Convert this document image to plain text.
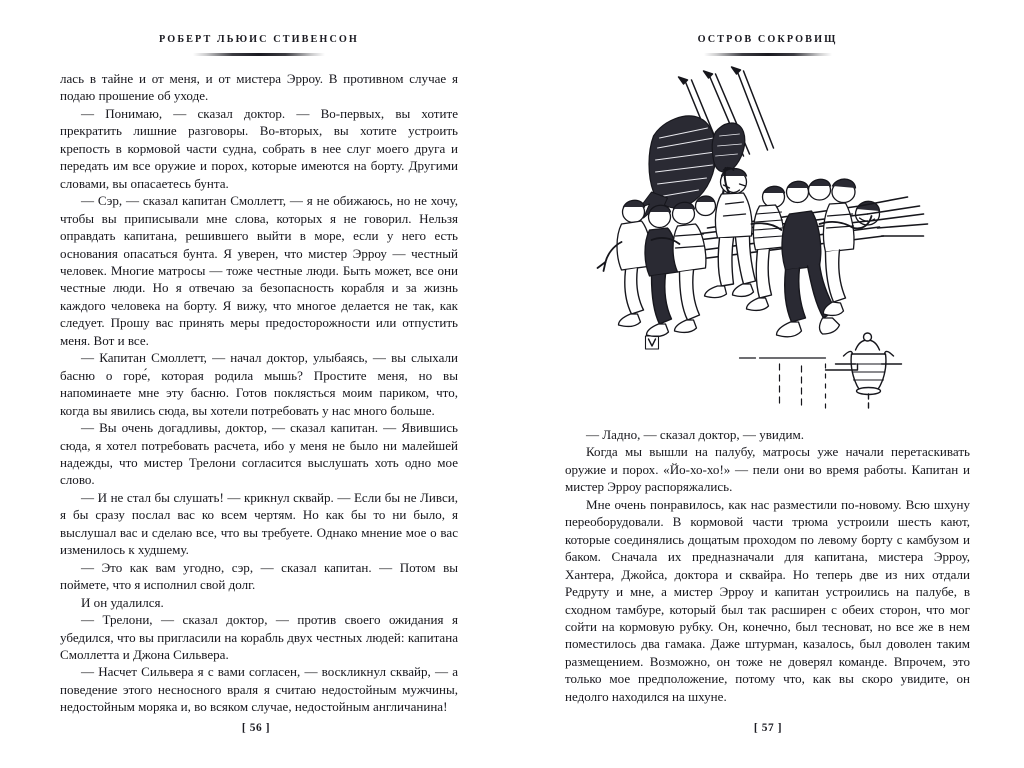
РОБЕРТ ЛЬЮИС СТИВЕНСОН

лась в тайне и от меня, и от мистера Эрроу. В противном случае я подаю прошение об уходе.

— Понимаю, — сказал доктор. — Во-первых, вы хотите прекратить лишние разговоры. Во-вторых, вы хотите устроить крепость в кормовой части судна, собрать в нее слуг моего друга и передать им все оружие и порох, которые имеются на борту. Другими словами, вы опасаетесь бунта.

— Сэр, — сказал капитан Смоллетт, — я не обижаюсь, но не хочу, чтобы вы приписывали мне слова, которых я не говорил. Нельзя оправдать капитана, решившего выйти в море, если у него есть основания опасаться бунта. Я уверен, что мистер Эрроу — честный человек. Многие матросы — тоже честные люди. Быть может, все они честные люди. Но я отвечаю за безопасность корабля и за жизнь каждого человека на борту. Я вижу, что многое делается не так, как следует. Прошу вас принять меры предосторожности или отпустить меня. Вот и все.

— Капитан Смоллетт, — начал доктор, улыбаясь, — вы слыхали басню о горе́, которая родила мышь? Простите меня, но вы напоминаете мне эту басню. Готов поклясться моим париком, что, когда вы явились сюда, вы хотели потребовать у нас много больше.

— Вы очень догадливы, доктор, — сказал капитан. — Явившись сюда, я хотел потребовать расчета, ибо у меня не было ни малейшей надежды, что мистер Трелони согласится выслушать хоть одно мое слово.

— И не стал бы слушать! — крикнул сквайр. — Если бы не Ливси, я бы сразу послал вас ко всем чертям. Но как бы то ни было, я выслушал вас и сделаю все, что вы требуете. Однако мнение мое о вас изменилось к худшему.

— Это как вам угодно, сэр, — сказал капитан. — Потом вы поймете, что я исполнил свой долг.

И он удалился.

— Трелони, — сказал доктор, — против своего ожидания я убедился, что вы пригласили на корабль двух честных людей: капитана Смоллетта и Джона Сильвера.

— Насчет Сильвера я с вами согласен, — воскликнул сквайр, — а поведение этого несносного враля я считаю недостойным мужчины, недостойным моряка и, во всяком случае, недостойным англичанина!

[ 56 ]
ОСТРОВ СОКРОВИЩ

— Ладно, — сказал доктор, — увидим.

Когда мы вышли на палубу, матросы уже начали перетаскивать оружие и порох. «Йо-хо-хо!» — пели они во время работы. Капитан и мистер Эрроу распоряжались.

Мне очень понравилось, как нас разместили по-новому. Всю шхуну переоборудовали. В кормовой части трюма устроили шесть кают, которые соединялись дощатым проходом по левому борту с камбузом и баком. Сначала их предназначали для капитана, мистера Эрроу, Хантера, Джойса, доктора и сквайра. Но теперь две из них отдали Редруту и мне, а мистер Эрроу и капитан устроились на палубе, в сходном тамбуре, который был так расширен с обеих сторон, что мог сойти на кормовую рубку. Он, конечно, был тесноват, но все же в нем поместилось два гамака. Даже штурман, казалось, был доволен таким размещением. Возможно, он тоже не доверял команде. Впрочем, это только мое предположение, потому что, как вы скоро увидите, он недолго находился на шхуне.

[ 57 ]
